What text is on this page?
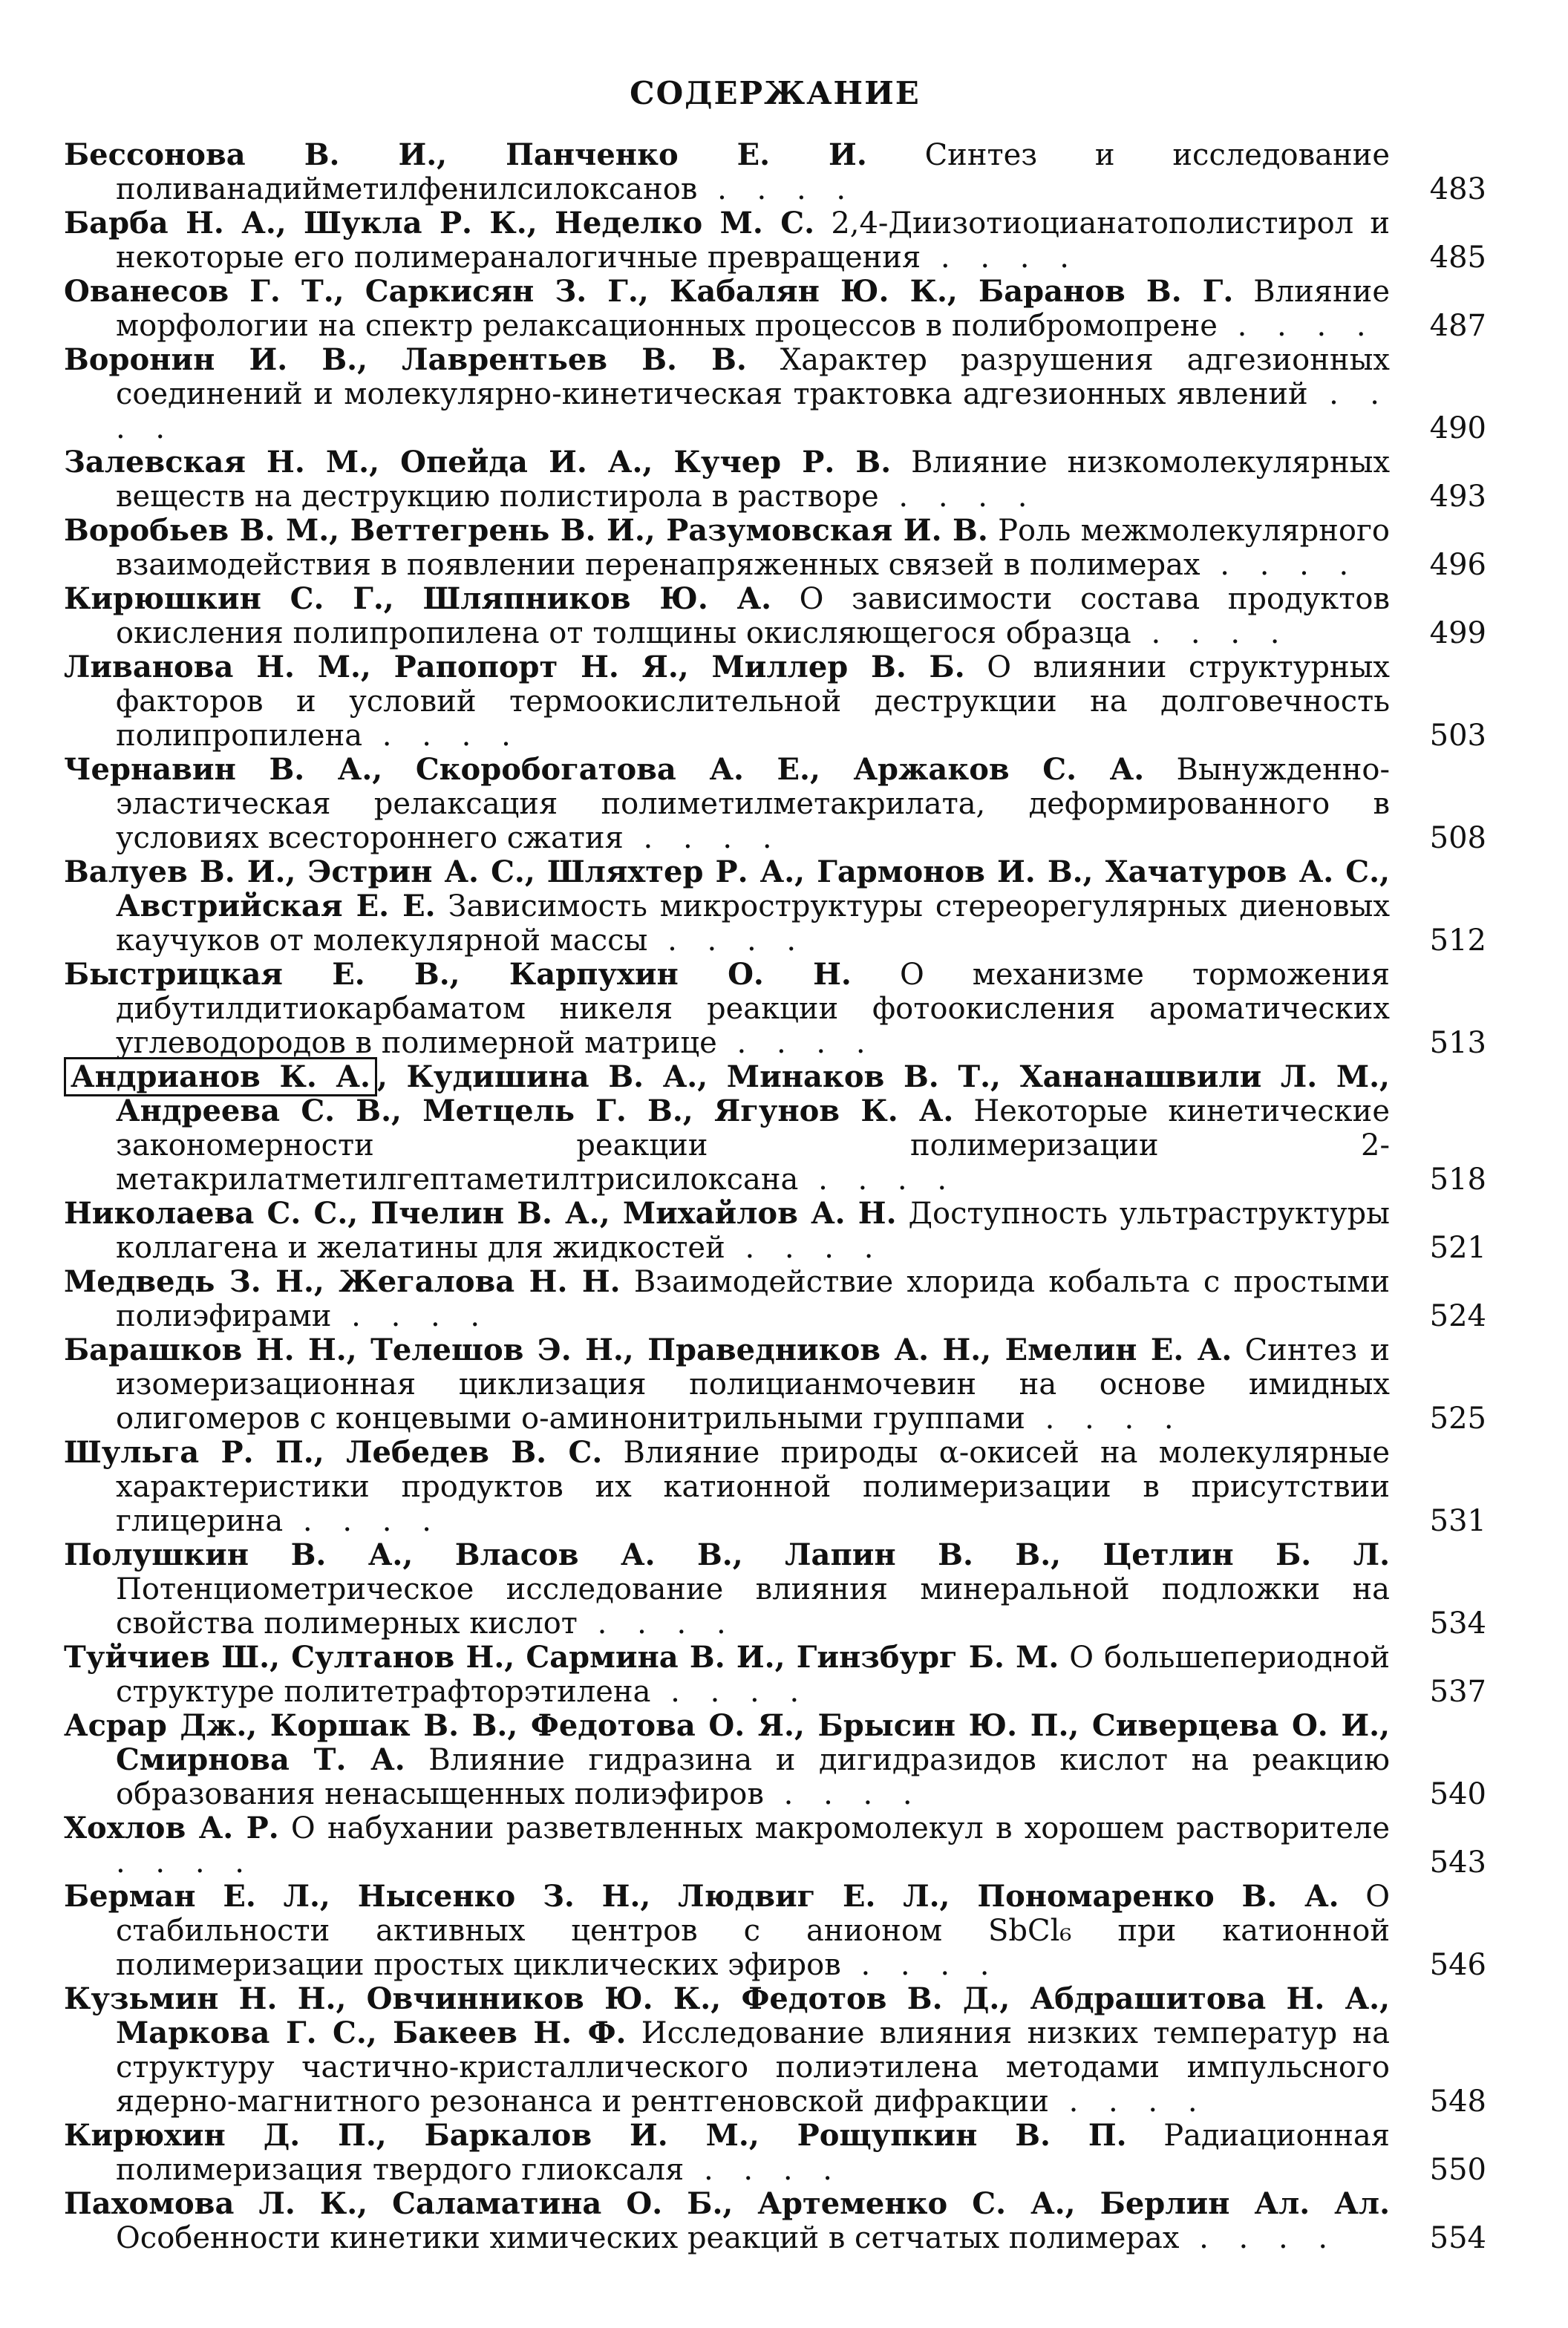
СОДЕРЖАНИЕ
Бессонова В. И., Панченко Е. И. Синтез и исследование поливанадийметилфенилсилоксанов . . . .	483
Барба Н. А., Шукла Р. К., Неделко М. С. 2,4-Диизотиоцианатополистирол и некоторые его полимераналогичные превращения . . . .	485
Ованесов Г. Т., Саркисян З. Г., Кабалян Ю. К., Баранов В. Г. Влияние морфологии на спектр релаксационных процессов в полибромопрене . . . .	487
Воронин И. В., Лаврентьев В. В. Характер разрушения адгезионных соединений и молекулярно-кинетическая трактовка адгезионных явлений . . . .	490
Залевская Н. М., Опейда И. А., Кучер Р. В. Влияние низкомолекулярных веществ на деструкцию полистирола в растворе . . . .	493
Воробьев В. М., Веттегрень В. И., Разумовская И. В. Роль межмолекулярного взаимодействия в появлении перенапряженных связей в полимерах . . . .	496
Кирюшкин С. Г., Шляпников Ю. А. О зависимости состава продуктов окисления полипропилена от толщины окисляющегося образца . . . .	499
Ливанова Н. М., Рапопорт Н. Я., Миллер В. Б. О влиянии структурных факторов и условий термоокислительной деструкции на долговечность полипропилена . . . .	503
Чернавин В. А., Скоробогатова А. Е., Аржаков С. А. Вынужденно-эластическая релаксация полиметилметакрилата, деформированного в условиях всестороннего сжатия . . . .	508
Валуев В. И., Эстрин А. С., Шляхтер Р. А., Гармонов И. В., Хачатуров А. С., Австрийская Е. Е. Зависимость микроструктуры стереорегулярных диеновых каучуков от молекулярной массы . . . .	512
Быстрицкая Е. В., Карпухин О. Н. О механизме торможения дибутилдитиокарбаматом никеля реакции фотоокисления ароматических углеводородов в полимерной матрице . . . .	513
Андрианов К. А. , Кудишина В. А., Минаков В. Т., Хананашвили Л. М., Андреева С. В., Метцель Г. В., Ягунов К. А. Некоторые кинетические закономерности реакции полимеризации 2-метакрилатметилгептаметилтрисилоксана . . . .	518
Николаева С. С., Пчелин В. А., Михайлов А. Н. Доступность ультраструктуры коллагена и желатины для жидкостей . . . .	521
Медведь З. Н., Жегалова Н. Н. Взаимодействие хлорида кобальта с простыми полиэфирами . . . .	524
Барашков Н. Н., Телешов Э. Н., Праведников А. Н., Емелин Е. А. Синтез и изомеризационная циклизация полицианмочевин на основе имидных олигомеров с концевыми о-аминонитрильными группами . . . .	525
Шульга Р. П., Лебедев В. С. Влияние природы α-окисей на молекулярные характеристики продуктов их катионной полимеризации в присутствии глицерина . . . .	531
Полушкин В. А., Власов А. В., Лапин В. В., Цетлин Б. Л. Потенциометрическое исследование влияния минеральной подложки на свойства полимерных кислот . . . .	534
Туйчиев Ш., Султанов Н., Сармина В. И., Гинзбург Б. М. О большепериодной структуре политетрафторэтилена . . . .	537
Асрар Дж., Коршак В. В., Федотова О. Я., Брысин Ю. П., Сиверцева О. И., Смирнова Т. А. Влияние гидразина и дигидразидов кислот на реакцию образования ненасыщенных полиэфиров . . . .	540
Хохлов А. Р. О набухании разветвленных макромолекул в хорошем растворителе . . . .	543
Берман Е. Л., Нысенко З. Н., Людвиг Е. Л., Пономаренко В. А. О стабильности активных центров с анионом SbCl₆ при катионной полимеризации простых циклических эфиров . . . .	546
Кузьмин Н. Н., Овчинников Ю. К., Федотов В. Д., Абдрашитова Н. А., Маркова Г. С., Бакеев Н. Ф. Исследование влияния низких температур на структуру частично-кристаллического полиэтилена методами импульсного ядерно-магнитного резонанса и рентгеновской дифракции . . . .	548
Кирюхин Д. П., Баркалов И. М., Рощупкин В. П. Радиационная полимеризация твердого глиоксаля . . . .	550
Пахомова Л. К., Саламатина О. Б., Артеменко С. А., Берлин Ал. Ал. Особенности кинетики химических реакций в сетчатых полимерах . . . .	554
